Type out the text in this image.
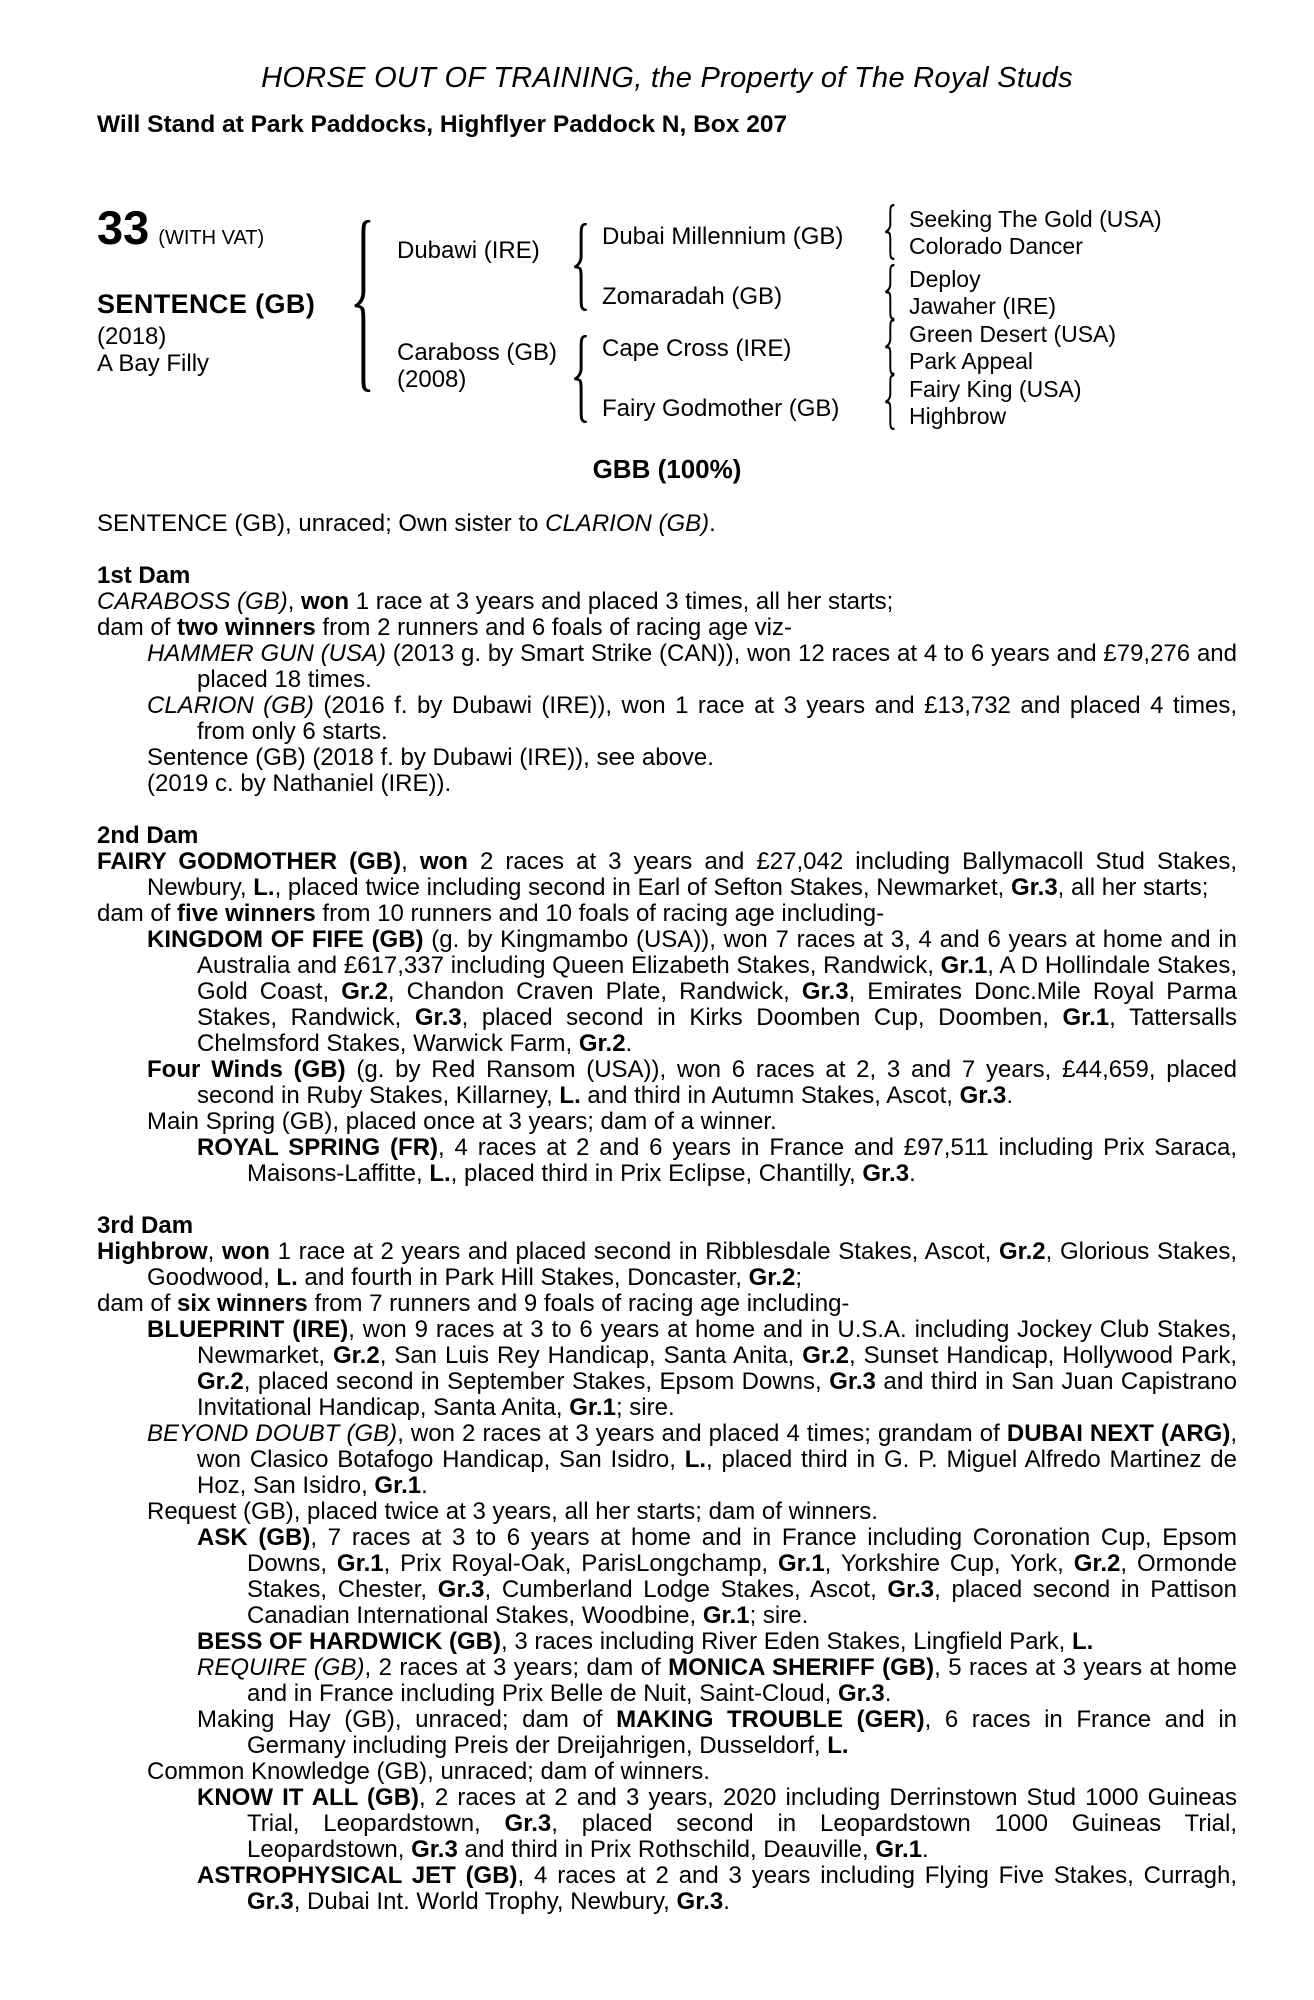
HORSE OUT OF TRAINING, the Property of The Royal Studs
Will Stand at Park Paddocks, Highflyer Paddock N, Box 207
33 (WITH VAT)
SENTENCE (GB)
(2018)
A Bay Filly
Dubawi (IRE)
Caraboss (GB)
(2008)
Dubai Millennium (GB)
Zomaradah (GB)
Cape Cross (IRE)
Fairy Godmother (GB)
Seeking The Gold (USA)
Colorado Dancer
Deploy
Jawaher (IRE)
Green Desert (USA)
Park Appeal
Fairy King (USA)
Highbrow
GBB (100%)
SENTENCE (GB), unraced; Own sister to CLARION (GB).
1st Dam
CARABOSS (GB), won 1 race at 3 years and placed 3 times, all her starts;
dam of two winners from 2 runners and 6 foals of racing age viz-
HAMMER GUN (USA) (2013 g. by Smart Strike (CAN)), won 12 races at 4 to 6 years and £79,276 and placed 18 times.
CLARION (GB) (2016 f. by Dubawi (IRE)), won 1 race at 3 years and £13,732 and placed 4 times, from only 6 starts.
Sentence (GB) (2018 f. by Dubawi (IRE)), see above.
(2019 c. by Nathaniel (IRE)).
2nd Dam
FAIRY GODMOTHER (GB), won 2 races at 3 years and £27,042 including Ballymacoll Stud Stakes, Newbury, L., placed twice including second in Earl of Sefton Stakes, Newmarket, Gr.3, all her starts;
dam of five winners from 10 runners and 10 foals of racing age including-
KINGDOM OF FIFE (GB) (g. by Kingmambo (USA)), won 7 races at 3, 4 and 6 years at home and in Australia and £617,337 including Queen Elizabeth Stakes, Randwick, Gr.1, A D Hollindale Stakes, Gold Coast, Gr.2, Chandon Craven Plate, Randwick, Gr.3, Emirates Donc.Mile Royal Parma Stakes, Randwick, Gr.3, placed second in Kirks Doomben Cup, Doomben, Gr.1, Tattersalls Chelmsford Stakes, Warwick Farm, Gr.2.
Four Winds (GB) (g. by Red Ransom (USA)), won 6 races at 2, 3 and 7 years, £44,659, placed second in Ruby Stakes, Killarney, L. and third in Autumn Stakes, Ascot, Gr.3.
Main Spring (GB), placed once at 3 years; dam of a winner.
ROYAL SPRING (FR), 4 races at 2 and 6 years in France and £97,511 including Prix Saraca, Maisons-Laffitte, L., placed third in Prix Eclipse, Chantilly, Gr.3.
3rd Dam
Highbrow, won 1 race at 2 years and placed second in Ribblesdale Stakes, Ascot, Gr.2, Glorious Stakes, Goodwood, L. and fourth in Park Hill Stakes, Doncaster, Gr.2;
dam of six winners from 7 runners and 9 foals of racing age including-
BLUEPRINT (IRE), won 9 races at 3 to 6 years at home and in U.S.A. including Jockey Club Stakes, Newmarket, Gr.2, San Luis Rey Handicap, Santa Anita, Gr.2, Sunset Handicap, Hollywood Park, Gr.2, placed second in September Stakes, Epsom Downs, Gr.3 and third in San Juan Capistrano Invitational Handicap, Santa Anita, Gr.1; sire.
BEYOND DOUBT (GB), won 2 races at 3 years and placed 4 times; grandam of DUBAI NEXT (ARG), won Clasico Botafogo Handicap, San Isidro, L., placed third in G. P. Miguel Alfredo Martinez de Hoz, San Isidro, Gr.1.
Request (GB), placed twice at 3 years, all her starts; dam of winners.
ASK (GB), 7 races at 3 to 6 years at home and in France including Coronation Cup, Epsom Downs, Gr.1, Prix Royal-Oak, ParisLongchamp, Gr.1, Yorkshire Cup, York, Gr.2, Ormonde Stakes, Chester, Gr.3, Cumberland Lodge Stakes, Ascot, Gr.3, placed second in Pattison Canadian International Stakes, Woodbine, Gr.1; sire.
BESS OF HARDWICK (GB), 3 races including River Eden Stakes, Lingfield Park, L.
REQUIRE (GB), 2 races at 3 years; dam of MONICA SHERIFF (GB), 5 races at 3 years at home and in France including Prix Belle de Nuit, Saint-Cloud, Gr.3.
Making Hay (GB), unraced; dam of MAKING TROUBLE (GER), 6 races in France and in Germany including Preis der Dreijahrigen, Dusseldorf, L.
Common Knowledge (GB), unraced; dam of winners.
KNOW IT ALL (GB), 2 races at 2 and 3 years, 2020 including Derrinstown Stud 1000 Guineas Trial, Leopardstown, Gr.3, placed second in Leopardstown 1000 Guineas Trial, Leopardstown, Gr.3 and third in Prix Rothschild, Deauville, Gr.1.
ASTROPHYSICAL JET (GB), 4 races at 2 and 3 years including Flying Five Stakes, Curragh, Gr.3, Dubai Int. World Trophy, Newbury, Gr.3.
